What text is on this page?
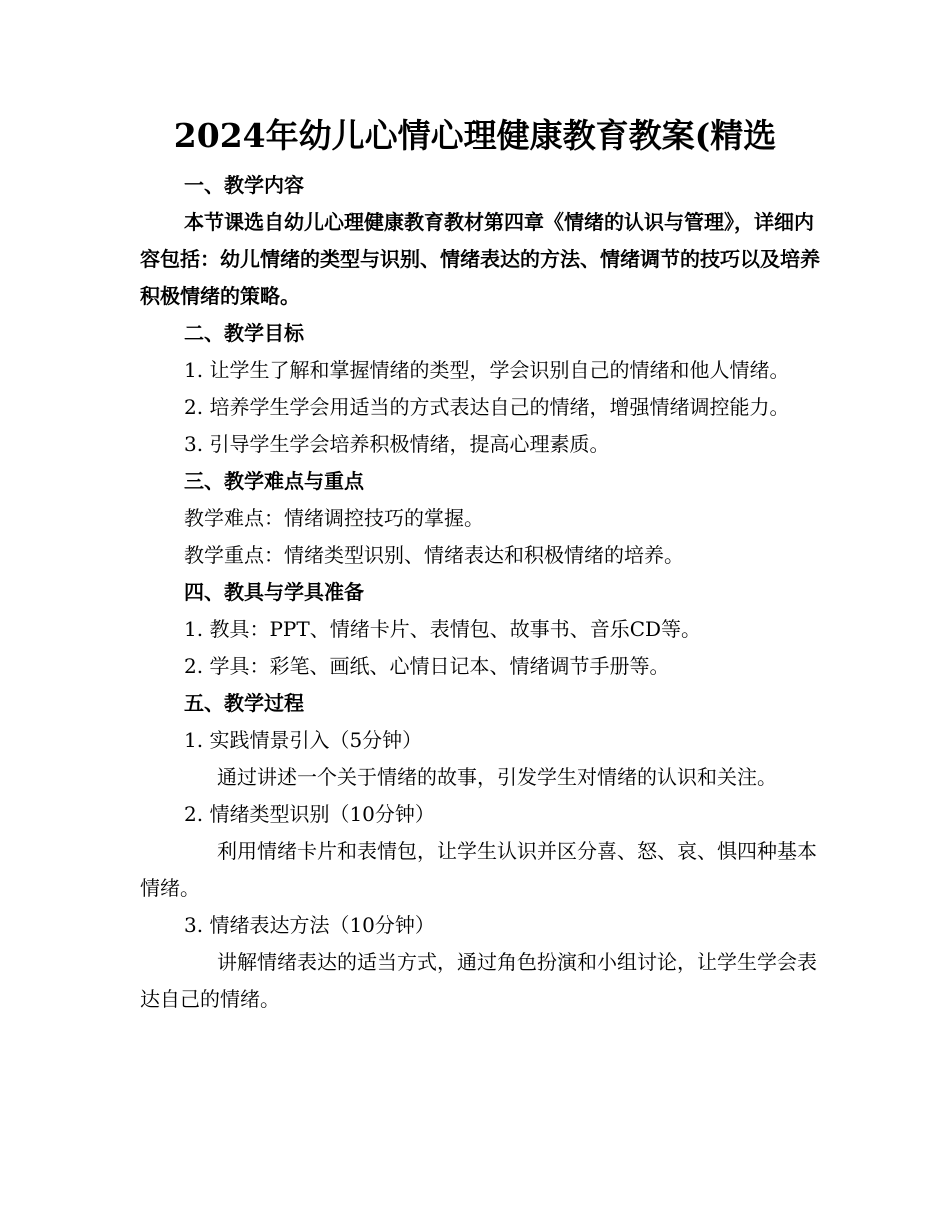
2024年幼儿心情心理健康教育教案(精选

一、教学内容

本节课选自幼儿心理健康教育教材第四章《情绪的认识与管理》，详细内容包括：幼儿情绪的类型与识别、情绪表达的方法、情绪调节的技巧以及培养积极情绪的策略。

二、教学目标

1. 让学生了解和掌握情绪的类型，学会识别自己的情绪和他人情绪。

2. 培养学生学会用适当的方式表达自己的情绪，增强情绪调控能力。

3. 引导学生学会培养积极情绪，提高心理素质。

三、教学难点与重点

教学难点：情绪调控技巧的掌握。

教学重点：情绪类型识别、情绪表达和积极情绪的培养。

四、教具与学具准备

1. 教具：PPT、情绪卡片、表情包、故事书、音乐CD等。

2. 学具：彩笔、画纸、心情日记本、情绪调节手册等。

五、教学过程

1. 实践情景引入（5分钟）

通过讲述一个关于情绪的故事，引发学生对情绪的认识和关注。

2. 情绪类型识别（10分钟）

利用情绪卡片和表情包，让学生认识并区分喜、怒、哀、惧四种基本情绪。

3. 情绪表达方法（10分钟）

讲解情绪表达的适当方式，通过角色扮演和小组讨论，让学生学会表达自己的情绪。
